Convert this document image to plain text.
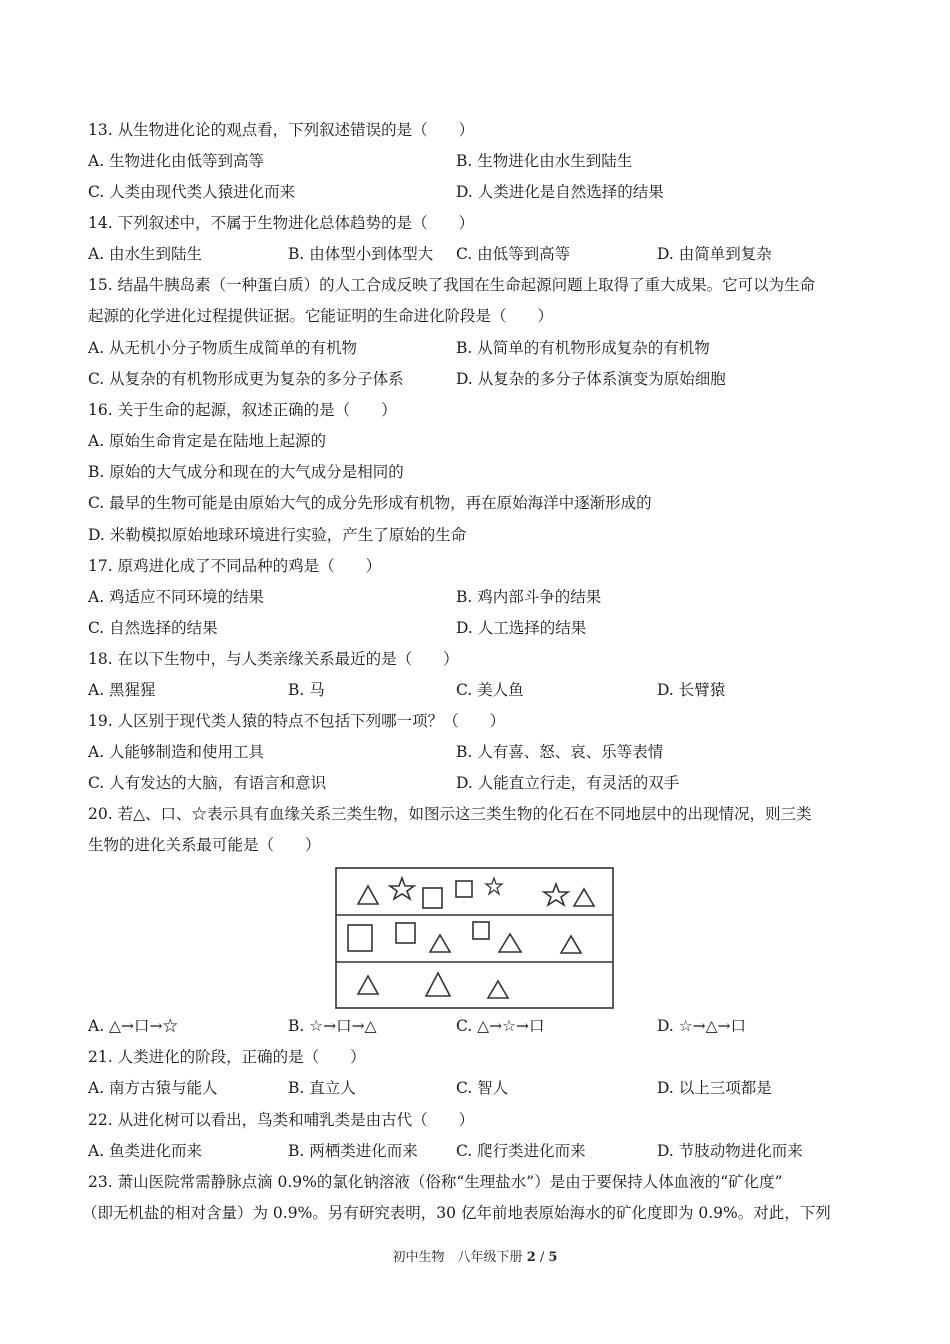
13. 从生物进化论的观点看，下列叙述错误的是（　　）
A. 生物进化由低等到高等	B. 生物进化由水生到陆生
C. 人类由现代类人猿进化而来	D. 人类进化是自然选择的结果
14. 下列叙述中，不属于生物进化总体趋势的是（　　）
A. 由水生到陆生	B. 由体型小到体型大 C. 由低等到高等	D. 由简单到复杂
15. 结晶牛胰岛素（一种蛋白质）的人工合成反映了我国在生命起源问题上取得了重大成果。它可以为生命
起源的化学进化过程提供证据。它能证明的生命进化阶段是（　　）
A. 从无机小分子物质生成简单的有机物	B. 从简单的有机物形成复杂的有机物
C. 从复杂的有机物形成更为复杂的多分子体系	D. 从复杂的多分子体系演变为原始细胞
16. 关于生命的起源，叙述正确的是（　　）
A. 原始生命肯定是在陆地上起源的
B. 原始的大气成分和现在的大气成分是相同的
C. 最早的生物可能是由原始大气的成分先形成有机物，再在原始海洋中逐渐形成的
D. 米勒模拟原始地球环境进行实验，产生了原始的生命
17. 原鸡进化成了不同品种的鸡是（　　）
A. 鸡适应不同环境的结果	B. 鸡内部斗争的结果
C. 自然选择的结果	D. 人工选择的结果
18. 在以下生物中，与人类亲缘关系最近的是（　　）
A. 黑猩猩	B. 马	C. 美人鱼	D. 长臂猿
19. 人区别于现代类人猿的特点不包括下列哪一项？（　　）
A. 人能够制造和使用工具	B. 人有喜、怒、哀、乐等表情
C. 人有发达的大脑，有语言和意识	D. 人能直立行走，有灵活的双手
20. 若△、口、☆表示具有血缘关系三类生物，如图示这三类生物的化石在不同地层中的出现情况，则三类
生物的进化关系最可能是（　　）
A. △→口→☆	B. ☆→口→△	C. △→☆→口	D. ☆→△→口
21. 人类进化的阶段，正确的是（　　）
A. 南方古猿与能人	B. 直立人	C. 智人	D. 以上三项都是
22. 从进化树可以看出，鸟类和哺乳类是由古代（　　）
A. 鱼类进化而来	B. 两栖类进化而来 C. 爬行类进化而来	D. 节肢动物进化而来
23. 萧山医院常需静脉点滴 0.9%的氯化钠溶液（俗称“生理盐水”）是由于要保持人体血液的“矿化度”
（即无机盐的相对含量）为 0.9%。另有研究表明，30 亿年前地表原始海水的矿化度即为 0.9%。对此，下列
初中生物　八年级下册 2 / 5
